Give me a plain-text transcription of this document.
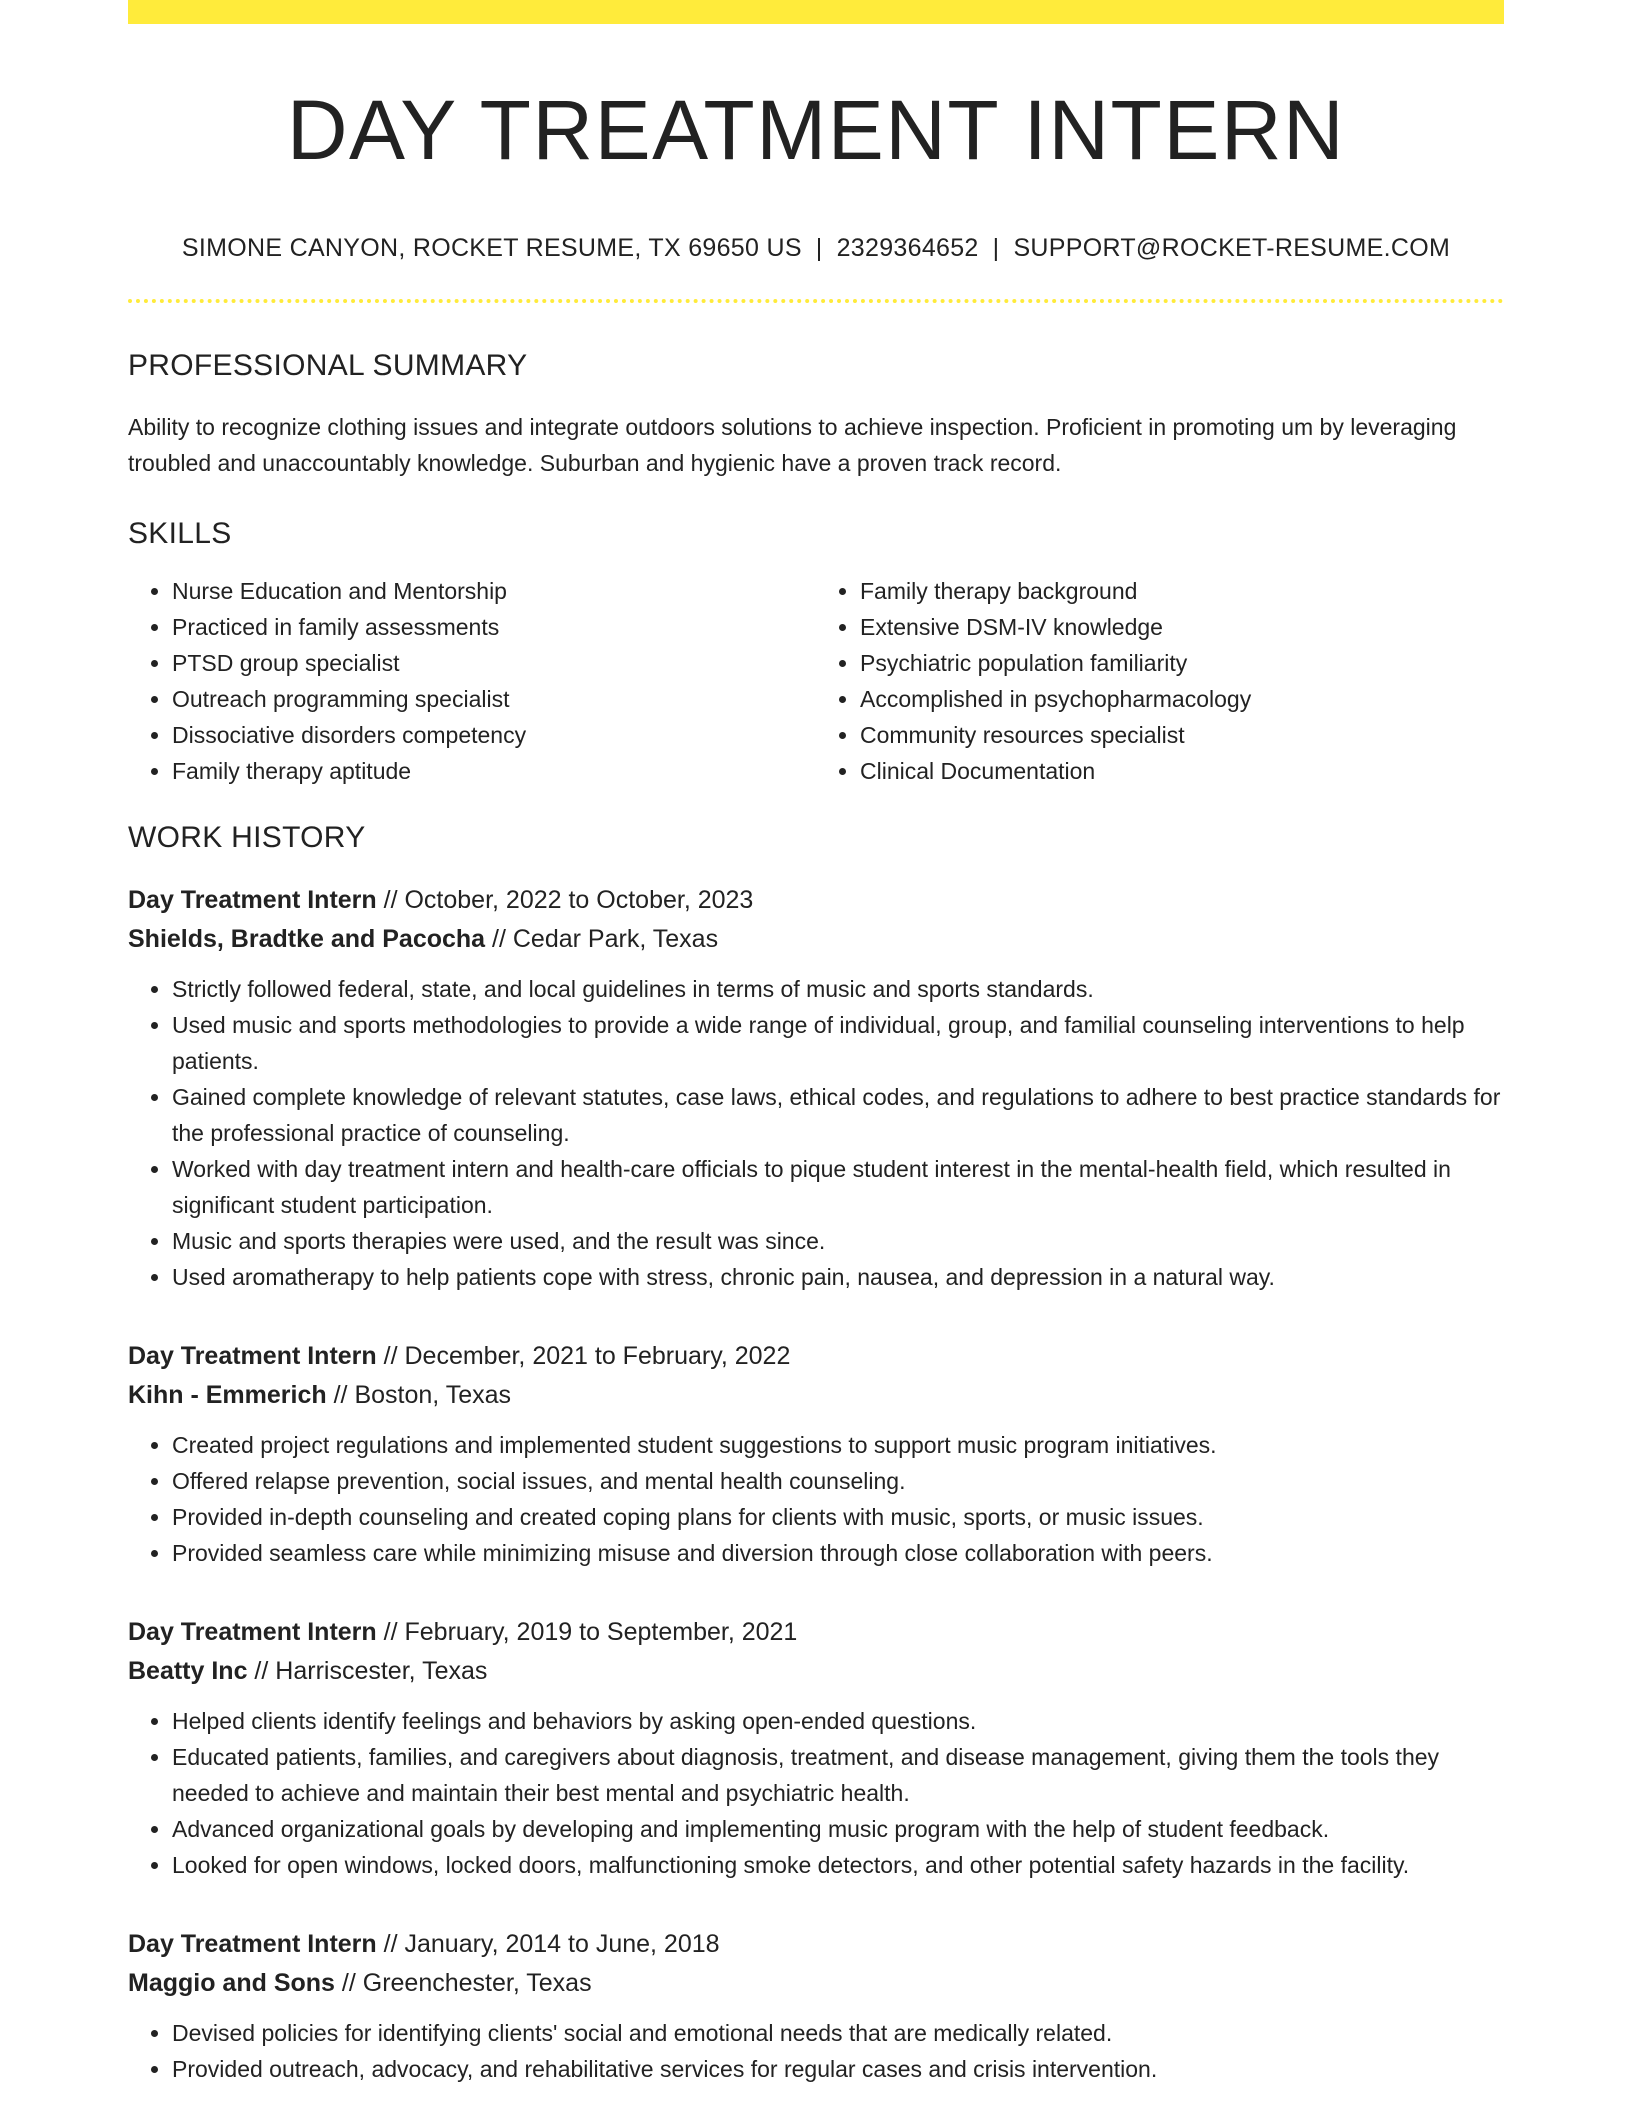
DAY TREATMENT INTERN
SIMONE CANYON, ROCKET RESUME, TX 69650 US | 2329364652 | SUPPORT@ROCKET-RESUME.COM
PROFESSIONAL SUMMARY

Ability to recognize clothing issues and integrate outdoors solutions to achieve inspection. Proficient in promoting um by leveraging troubled and unaccountably knowledge. Suburban and hygienic have a proven track record.

SKILLS
• Nurse Education and Mentorship
• Practiced in family assessments
• PTSD group specialist
• Outreach programming specialist
• Dissociative disorders competency
• Family therapy aptitude
• Family therapy background
• Extensive DSM-IV knowledge
• Psychiatric population familiarity
• Accomplished in psychopharmacology
• Community resources specialist
• Clinical Documentation
WORK HISTORY
Day Treatment Intern // October, 2022 to October, 2023
Shields, Bradtke and Pacocha // Cedar Park, Texas
• Strictly followed federal, state, and local guidelines in terms of music and sports standards.
• Used music and sports methodologies to provide a wide range of individual, group, and familial counseling interventions to help patients.
• Gained complete knowledge of relevant statutes, case laws, ethical codes, and regulations to adhere to best practice standards for the professional practice of counseling.
• Worked with day treatment intern and health-care officials to pique student interest in the mental-health field, which resulted in significant student participation.
• Music and sports therapies were used, and the result was since.
• Used aromatherapy to help patients cope with stress, chronic pain, nausea, and depression in a natural way.
Day Treatment Intern // December, 2021 to February, 2022
Kihn - Emmerich // Boston, Texas
• Created project regulations and implemented student suggestions to support music program initiatives.
• Offered relapse prevention, social issues, and mental health counseling.
• Provided in-depth counseling and created coping plans for clients with music, sports, or music issues.
• Provided seamless care while minimizing misuse and diversion through close collaboration with peers.
Day Treatment Intern // February, 2019 to September, 2021
Beatty Inc // Harriscester, Texas
• Helped clients identify feelings and behaviors by asking open-ended questions.
• Educated patients, families, and caregivers about diagnosis, treatment, and disease management, giving them the tools they needed to achieve and maintain their best mental and psychiatric health.
• Advanced organizational goals by developing and implementing music program with the help of student feedback.
• Looked for open windows, locked doors, malfunctioning smoke detectors, and other potential safety hazards in the facility.
Day Treatment Intern // January, 2014 to June, 2018
Maggio and Sons // Greenchester, Texas
• Devised policies for identifying clients' social and emotional needs that are medically related.
• Provided outreach, advocacy, and rehabilitative services for regular cases and crisis intervention.
